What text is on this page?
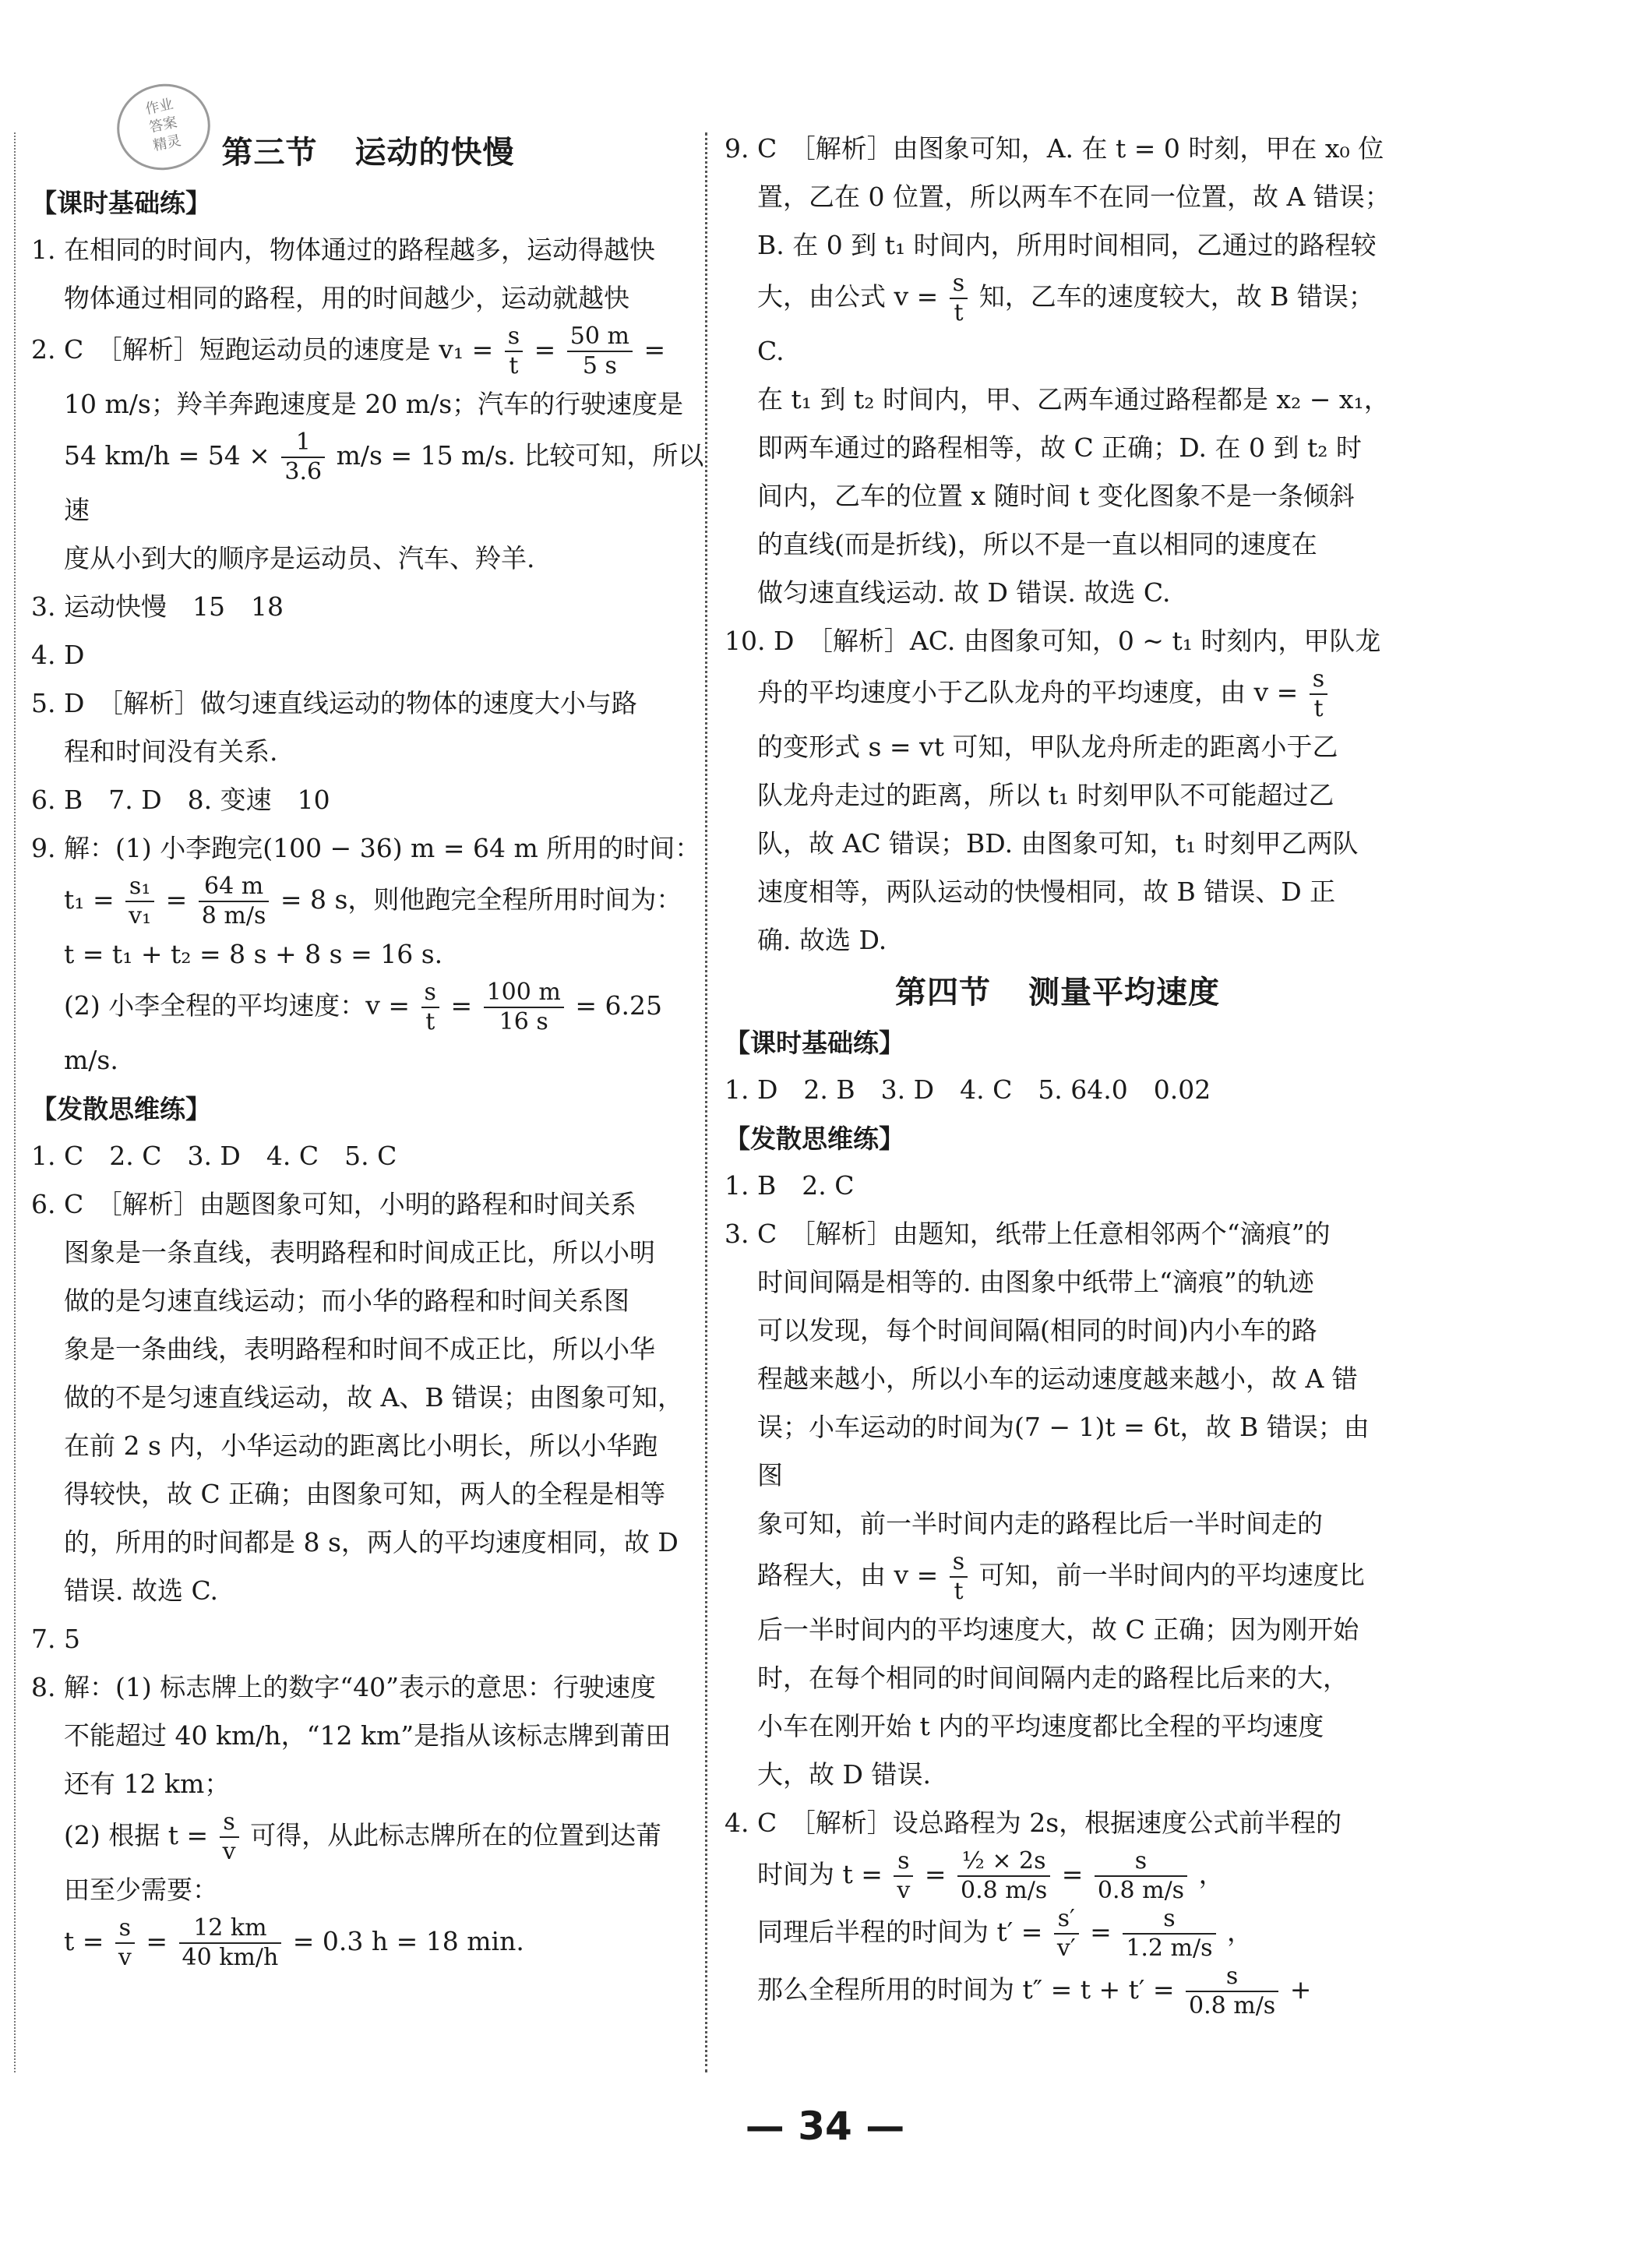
作业
答案
精灵	第三节 运动的快慢
【课时基础练】

1. 在相同的时间内，物体通过的路程越多，运动得越快

物体通过相同的路程，用的时间越少，运动就越快

2. C　［解析］短跑运动员的速度是 $v_1 = \frac{s}{t} = \frac{50 m}{5 s}$ =

10 m/s；羚羊奔跑速度是 20 m/s；汽车的行驶速度是

54 $km/h = 54 \times \frac{1}{3.6} m/s = 15$ m/s. 比较可知，所以速

度从小到大的顺序是运动员、汽车、羚羊.

3. 运动快慢　15　18

4. D

5. D　［解析］做匀速直线运动的物体的速度大小与路

程和时间没有关系.

6. B　7. D　8. 变速　10

9. 解：(1) 小李跑完(100 − 36) m = 64 m 所用的时间：

$t_1 = \frac{\text{s₁}}{\text{v₁}} = \frac{64 m}{8 m/s} = 8$ s，则他跑完全程所用时间为：

t = t₁ + t₂ = 8 s + 8 s = 16 s.

(2) 小李全程的平均速度：$v = \frac{s}{t} = \frac{100 m}{16 s} = 6.25$

m/s.

【发散思维练】

1. C　2. C　3. D　4. C　5. C

6. C　［解析］由题图象可知，小明的路程和时间关系

图象是一条直线，表明路程和时间成正比，所以小明

做的是匀速直线运动；而小华的路程和时间关系图

象是一条曲线，表明路程和时间不成正比，所以小华

做的不是匀速直线运动，故 A、B 错误；由图象可知，

在前 2 s 内，小华运动的距离比小明长，所以小华跑

得较快，故 C 正确；由图象可知，两人的全程是相等

的，所用的时间都是 8 s，两人的平均速度相同，故 D

错误. 故选 C.

7. 5

8. 解：(1) 标志牌上的数字“40”表示的意思：行驶速度

不能超过 40 km/h，“12 km”是指从该标志牌到莆田

还有 12 km；

(2) 根据 $t = \frac{s}{v}$ 可得，从此标志牌所在的位置到达莆

田至少需要：

$t = \frac{s}{v} = \frac{12 km}{40 km/h} = 0.3$ h = 18 min.

9. C　［解析］由图象可知，A. 在 t = 0 时刻，甲在 x₀ 位

置，乙在 0 位置，所以两车不在同一位置，故 A 错误；

B. 在 0 到 t₁ 时间内，所用时间相同，乙通过的路程较

大，由公式 $v = \frac{s}{t}$ 知，乙车的速度较大，故 B 错误；C.

在 t₁ 到 t₂ 时间内，甲、乙两车通过路程都是 x₂ − x₁，

即两车通过的路程相等，故 C 正确；D. 在 0 到 t₂ 时

间内，乙车的位置 x 随时间 t 变化图象不是一条倾斜

的直线(而是折线)，所以不是一直以相同的速度在

做匀速直线运动. 故 D 错误. 故选 C.

10. D　［解析］AC. 由图象可知，0 ~ t₁ 时刻内，甲队龙

舟的平均速度小于乙队龙舟的平均速度，由 $v = \frac{s}{t}$

的变形式 s = vt 可知，甲队龙舟所走的距离小于乙

队龙舟走过的距离，所以 t₁ 时刻甲队不可能超过乙

队，故 AC 错误；BD. 由图象可知，t₁ 时刻甲乙两队

速度相等，两队运动的快慢相同，故 B 错误、D 正

确. 故选 D.

第四节 测量平均速度
【课时基础练】

1. D　2. B　3. D　4. C　5. 64.0　0.02

【发散思维练】

1. B　2. C

3. C　［解析］由题知，纸带上任意相邻两个“滴痕”的

时间间隔是相等的. 由图象中纸带上“滴痕”的轨迹

可以发现，每个时间间隔(相同的时间)内小车的路

程越来越小，所以小车的运动速度越来越小，故 A 错

误；小车运动的时间为(7 − 1)t = 6t，故 B 错误；由图

象可知，前一半时间内走的路程比后一半时间走的

路程大，由 $v = \frac{s}{t}$ 可知，前一半时间内的平均速度比

后一半时间内的平均速度大，故 C 正确；因为刚开始

时，在每个相同的时间间隔内走的路程比后来的大，

小车在刚开始 t 内的平均速度都比全程的平均速度

大，故 D 错误.

4. C　［解析］设总路程为 2s，根据速度公式前半程的

时间为 $t = \frac{s}{v} = \frac{\text{½ × 2s}}{0.8 m/s} = \frac{s}{0.8 m/s}$ ，

同理后半程的时间为 $t' = \frac{s'}{v'} = \frac{s}{1.2 m/s}$ ，

那么全程所用的时间为 $t'' = t + t' = \frac{s}{0.8 m/s}$ +

— 34 —
